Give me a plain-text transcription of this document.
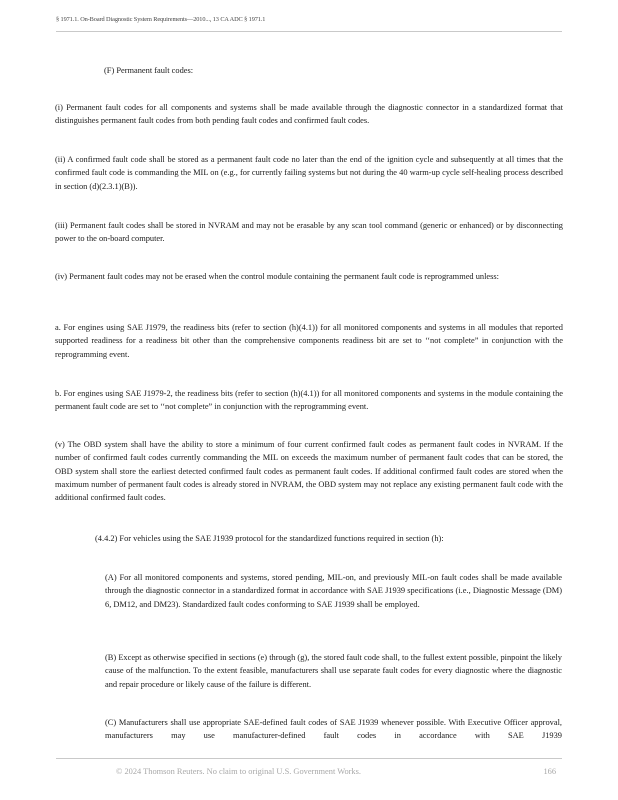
§ 1971.1. On-Board Diagnostic System Requirements—2010..., 13 CA ADC § 1971.1

(F) Permanent fault codes:

(i) Permanent fault codes for all components and systems shall be made available through the diagnostic connector in a standardized format that distinguishes permanent fault codes from both pending fault codes and confirmed fault codes.

(ii) A confirmed fault code shall be stored as a permanent fault code no later than the end of the ignition cycle and subsequently at all times that the confirmed fault code is commanding the MIL on (e.g., for currently failing systems but not during the 40 warm-up cycle self-healing process described in section (d)(2.3.1)(B)).

(iii) Permanent fault codes shall be stored in NVRAM and may not be erasable by any scan tool command (generic or enhanced) or by disconnecting power to the on-board computer.

(iv) Permanent fault codes may not be erased when the control module containing the permanent fault code is reprogrammed unless:

a. For engines using SAE J1979, the readiness bits (refer to section (h)(4.1)) for all monitored components and systems in all modules that reported supported readiness for a readiness bit other than the comprehensive components readiness bit are set to ‘‘not complete” in conjunction with the reprogramming event.

b. For engines using SAE J1979-2, the readiness bits (refer to section (h)(4.1)) for all monitored components and systems in the module containing the permanent fault code are set to ‘‘not complete” in conjunction with the reprogramming event.

(v) The OBD system shall have the ability to store a minimum of four current confirmed fault codes as permanent fault codes in NVRAM. If the number of confirmed fault codes currently commanding the MIL on exceeds the maximum number of permanent fault codes that can be stored, the OBD system shall store the earliest detected confirmed fault codes as permanent fault codes. If additional confirmed fault codes are stored when the maximum number of permanent fault codes is already stored in NVRAM, the OBD system may not replace any existing permanent fault code with the additional confirmed fault codes.

(4.4.2) For vehicles using the SAE J1939 protocol for the standardized functions required in section (h):

(A) For all monitored components and systems, stored pending, MIL-on, and previously MIL-on fault codes shall be made available through the diagnostic connector in a standardized format in accordance with SAE J1939 specifications (i.e., Diagnostic Message (DM) 6, DM12, and DM23). Standardized fault codes conforming to SAE J1939 shall be employed.

(B) Except as otherwise specified in sections (e) through (g), the stored fault code shall, to the fullest extent possible, pinpoint the likely cause of the malfunction. To the extent feasible, manufacturers shall use separate fault codes for every diagnostic where the diagnostic and repair procedure or likely cause of the failure is different.

(C) Manufacturers shall use appropriate SAE-defined fault codes of SAE J1939 whenever possible. With Executive Officer approval, manufacturers may use manufacturer-defined fault codes in accordance with SAE J1939

© 2024 Thomson Reuters. No claim to original U.S. Government Works.	166
